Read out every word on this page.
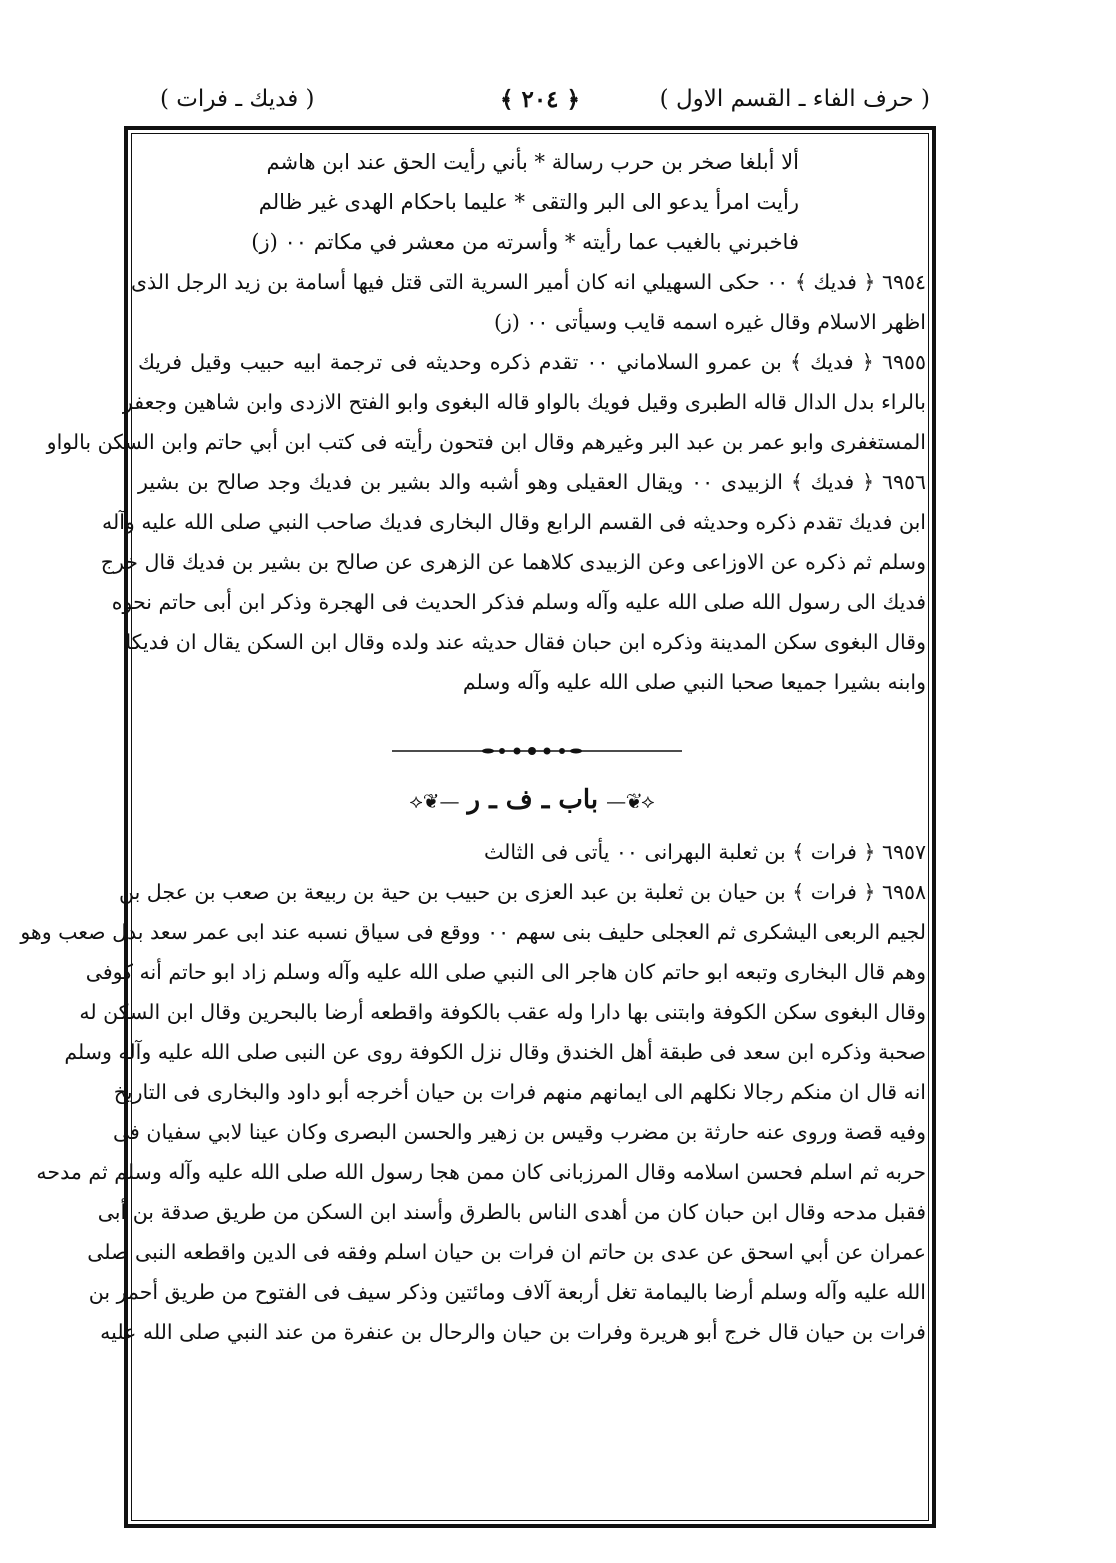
( حرف الفاء ـ القسم الاول )
﴿ ٢٠٤ ﴾
( فديك ـ فرات )
ألا أبلغا صخر بن حرب رسالة * بأني رأيت الحق عند ابن هاشم
رأيت امرأ يدعو الى البر والتقى * عليما باحكام الهدى غير ظالم
فاخبرني بالغيب عما رأيته * وأسرته من معشر في مكاتم ٠٠ (ز)
٦٩٥٤ ﴿ فديك ﴾ ٠٠ حكى السهيلي انه كان أمير السرية التى قتل فيها أسامة بن زيد الرجل الذى
اظهر الاسلام وقال غيره اسمه قايب وسيأتى ٠٠ (ز)
٦٩٥٥ ﴿ فديك ﴾ بن عمرو السلاماني ٠٠ تقدم ذكره وحديثه فى ترجمة ابيه حبيب وقيل فريك
بالراء بدل الدال قاله الطبرى وقيل فويك بالواو قاله البغوى وابو الفتح الازدى وابن شاهين وجعفر
المستغفرى وابو عمر بن عبد البر وغيرهم وقال ابن فتحون رأيته فى كتب ابن أبي حاتم وابن السكن بالواو
٦٩٥٦ ﴿ فديك ﴾ الزبيدى ٠٠ ويقال العقيلى وهو أشبه والد بشير بن فديك وجد صالح بن بشير
ابن فديك تقدم ذكره وحديثه فى القسم الرابع وقال البخارى فديك صاحب النبي صلى الله عليه وآله
وسلم ثم ذكره عن الاوزاعى وعن الزبيدى كلاهما عن الزهرى عن صالح بن بشير بن فديك قال خرج
فديك الى رسول الله صلى الله عليه وآله وسلم فذكر الحديث فى الهجرة وذكر ابن أبى حاتم نحوه
وقال البغوى سكن المدينة وذكره ابن حبان فقال حديثه عند ولده وقال ابن السكن يقال ان فديكا
وابنه بشيرا جميعا صحبا النبي صلى الله عليه وآله وسلم
⟡❦—باب ـ ف ـ ر—❦⟡
٦٩٥٧ ﴿ فرات ﴾ بن ثعلبة البهرانى ٠٠ يأتى فى الثالث
٦٩٥٨ ﴿ فرات ﴾ بن حيان بن ثعلبة بن عبد العزى بن حبيب بن حية بن ربيعة بن صعب بن عجل بن
لجيم الربعى اليشكرى ثم العجلى حليف بنى سهم ٠٠ ووقع فى سياق نسبه عند ابى عمر سعد بدل صعب وهو
وهم قال البخارى وتبعه ابو حاتم كان هاجر الى النبي صلى الله عليه وآله وسلم زاد ابو حاتم أنه كوفى
وقال البغوى سكن الكوفة وابتنى بها دارا وله عقب بالكوفة واقطعه أرضا بالبحرين وقال ابن السكن له
صحبة وذكره ابن سعد فى طبقة أهل الخندق وقال نزل الكوفة روى عن النبى صلى الله عليه وآله وسلم
انه قال ان منكم رجالا نكلهم الى ايمانهم منهم فرات بن حيان أخرجه أبو داود والبخارى فى التاريخ
وفيه قصة وروى عنه حارثة بن مضرب وقيس بن زهير والحسن البصرى وكان عينا لابي سفيان فى
حربه ثم اسلم فحسن اسلامه وقال المرزبانى كان ممن هجا رسول الله صلى الله عليه وآله وسلم ثم مدحه
فقبل مدحه وقال ابن حبان كان من أهدى الناس بالطرق وأسند ابن السكن من طريق صدقة بن أبى
عمران عن أبي اسحق عن عدى بن حاتم ان فرات بن حيان اسلم وفقه فى الدين واقطعه النبى صلى
الله عليه وآله وسلم أرضا باليمامة تغل أربعة آلاف ومائتين وذكر سيف فى الفتوح من طريق أحمر بن
فرات بن حيان قال خرج أبو هريرة وفرات بن حيان والرحال بن عنفرة من عند النبي صلى الله عليه
